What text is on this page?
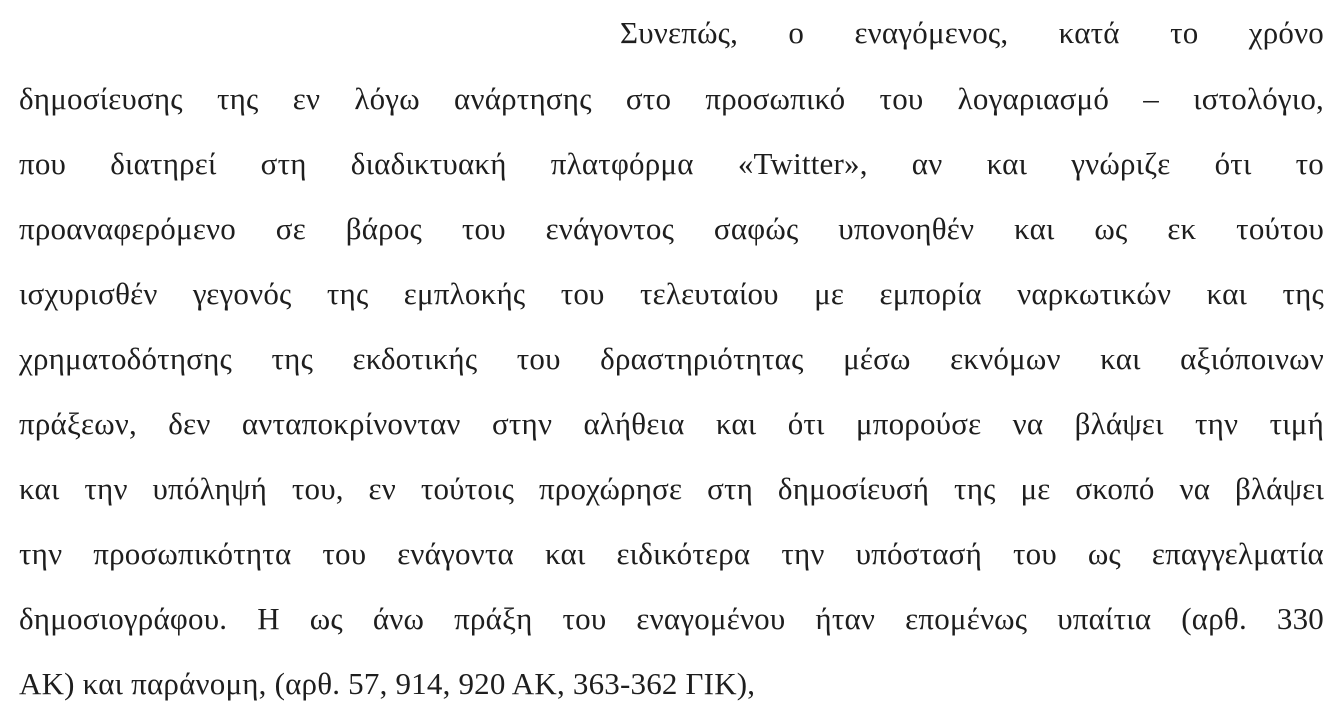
Συνεπώς, ο εναγόμενος, κατά το χρόνο
δημοσίευσης της εν λόγω ανάρτησης στο προσωπικό του λογαριασμό – ιστολόγιο,
που διατηρεί στη διαδικτυακή πλατφόρμα «Twitter», αν και γνώριζε ότι το
προαναφερόμενο σε βάρος του ενάγοντος σαφώς υπονοηθέν και ως εκ τούτου
ισχυρισθέν γεγονός της εμπλοκής του τελευταίου με εμπορία ναρκωτικών και της
χρηματοδότησης της εκδοτικής του δραστηριότητας μέσω εκνόμων και αξιόποινων
πράξεων, δεν ανταποκρίνονταν στην αλήθεια και ότι μπορούσε να βλάψει την τιμή
και την υπόληψή του, εν τούτοις προχώρησε στη δημοσίευσή της με σκοπό να βλάψει
την προσωπικότητα του ενάγοντα και ειδικότερα την υπόστασή του ως επαγγελματία
δημοσιογράφου. Η ως άνω πράξη του εναγομένου ήταν επομένως υπαίτια (αρθ. 330
ΑΚ) και παράνομη, (αρθ. 57, 914, 920 ΑΚ, 363-362 ΓΙΚ),
